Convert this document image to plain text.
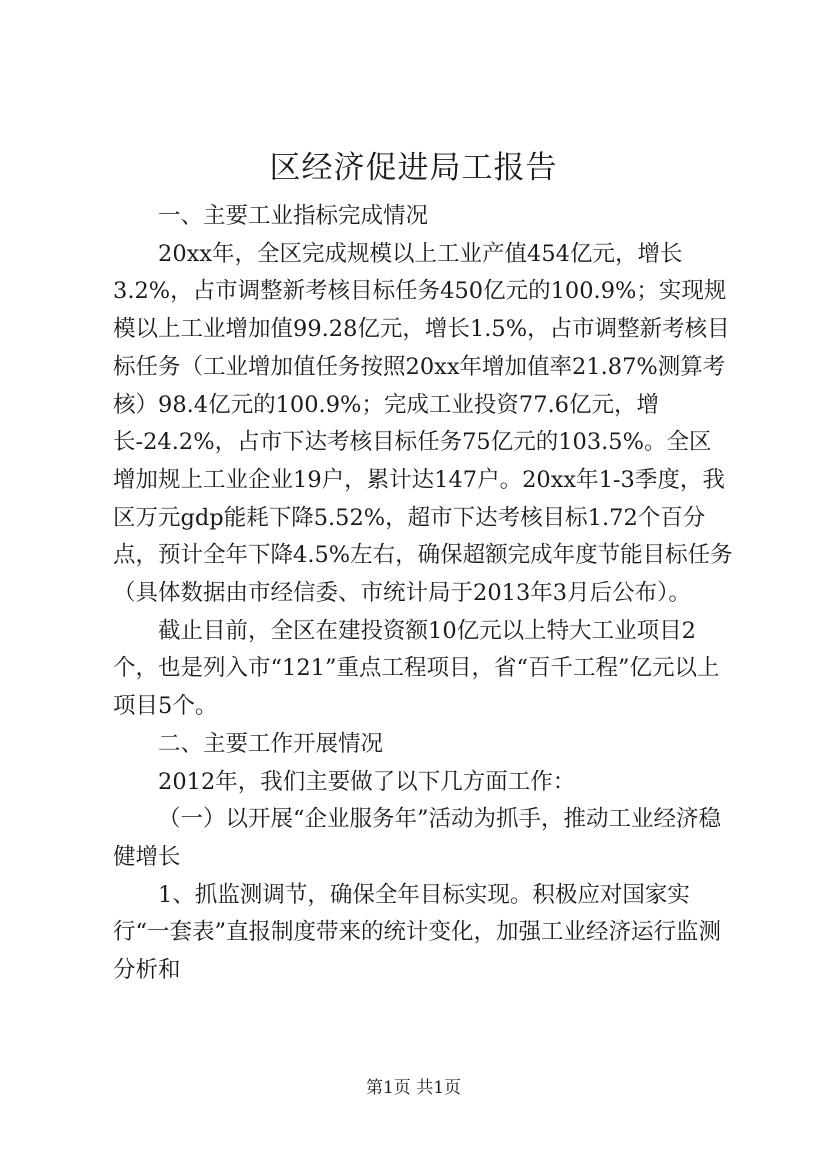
区经济促进局工报告

一、主要工业指标完成情况

20xx年，全区完成规模以上工业产值454亿元，增长3.2%，占市调整新考核目标任务450亿元的100.9%；实现规模以上工业增加值99.28亿元，增长1.5%，占市调整新考核目标任务（工业增加值任务按照20xx年增加值率21.87%测算考核）98.4亿元的100.9%；完成工业投资77.6亿元，增长-24.2%，占市下达考核目标任务75亿元的103.5%。全区增加规上工业企业19户，累计达147户。20xx年1-3季度，我区万元gdp能耗下降5.52%，超市下达考核目标1.72个百分点，预计全年下降4.5%左右，确保超额完成年度节能目标任务（具体数据由市经信委、市统计局于2013年3月后公布）。

截止目前，全区在建投资额10亿元以上特大工业项目2个，也是列入市“121”重点工程项目，省“百千工程”亿元以上项目5个。

二、主要工作开展情况

2012年，我们主要做了以下几方面工作：

（一）以开展“企业服务年”活动为抓手，推动工业经济稳健增长

1、抓监测调节，确保全年目标实现。积极应对国家实行“一套表”直报制度带来的统计变化，加强工业经济运行监测分析和

第1页 共1页
